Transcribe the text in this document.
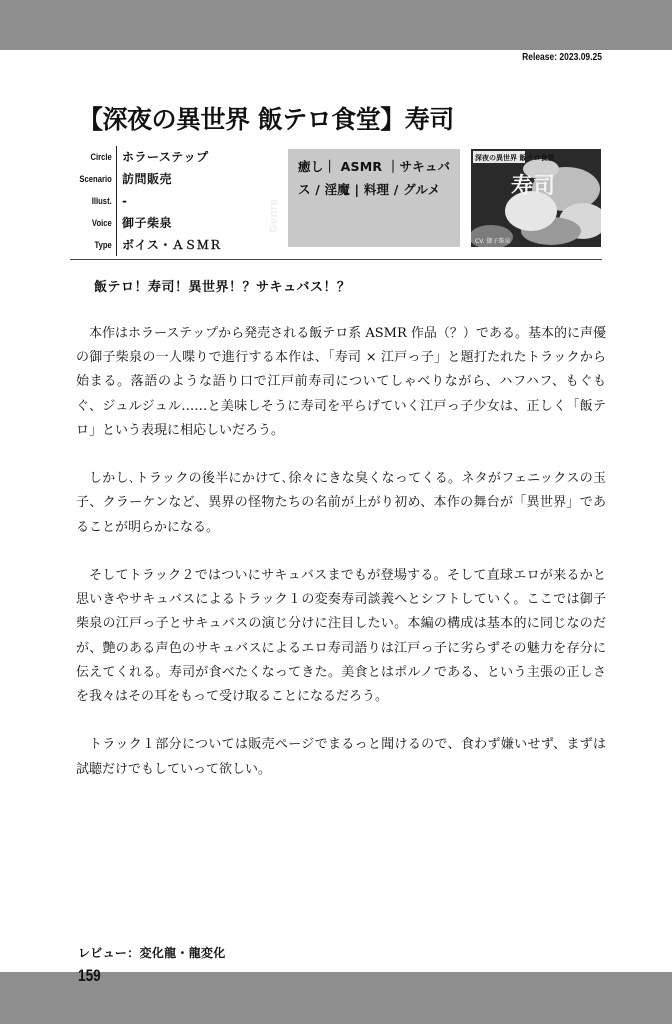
Release: 2023.09.25
【深夜の異世界 飯テロ食堂】寿司
Circle ホラーステップ
Scenario 訪問販売
Illust. -
Voice 御子柴泉
Type ボイス・ＡＳＭＲ
癒し｜ ASMR ｜サキュバス / 淫魔 | 料理 / グルメ
Genre
深夜の異世界 飯テロ食堂
寿司
CV. 御子柴泉
飯テロ！寿司！異世界！？サキュバス！？

本作はホラーステップから発売される飯テロ系 ASMR 作品（？）である。基本的に声優の御子柴泉の一人喋りで進行する本作は、「寿司 × 江戸っ子」と題打たれたトラックから始まる。落語のような語り口で江戸前寿司についてしゃべりながら、ハフハフ、もぐもぐ、ジュルジュル……と美味しそうに寿司を平らげていく江戸っ子少女は、正しく「飯テロ」という表現に相応しいだろう。

しかし､トラックの後半にかけて､徐々にきな臭くなってくる。ネタがフェニックスの玉子、クラーケンなど、異界の怪物たちの名前が上がり初め、本作の舞台が「異世界」であることが明らかになる。

そしてトラック２ではついにサキュバスまでもが登場する。そして直球エロが来るかと思いきやサキュバスによるトラック１の変奏寿司談義へとシフトしていく。ここでは御子柴泉の江戸っ子とサキュバスの演じ分けに注目したい。本編の構成は基本的に同じなのだが、艶のある声色のサキュバスによるエロ寿司語りは江戸っ子に劣らずその魅力を存分に伝えてくれる。寿司が食べたくなってきた。美食とはポルノである、という主張の正しさを我々はその耳をもって受け取ることになるだろう。

トラック１部分については販売ページでまるっと聞けるので、食わず嫌いせず、まずは試聴だけでもしていって欲しい。

レビュー：変化龍・龍変化
159
